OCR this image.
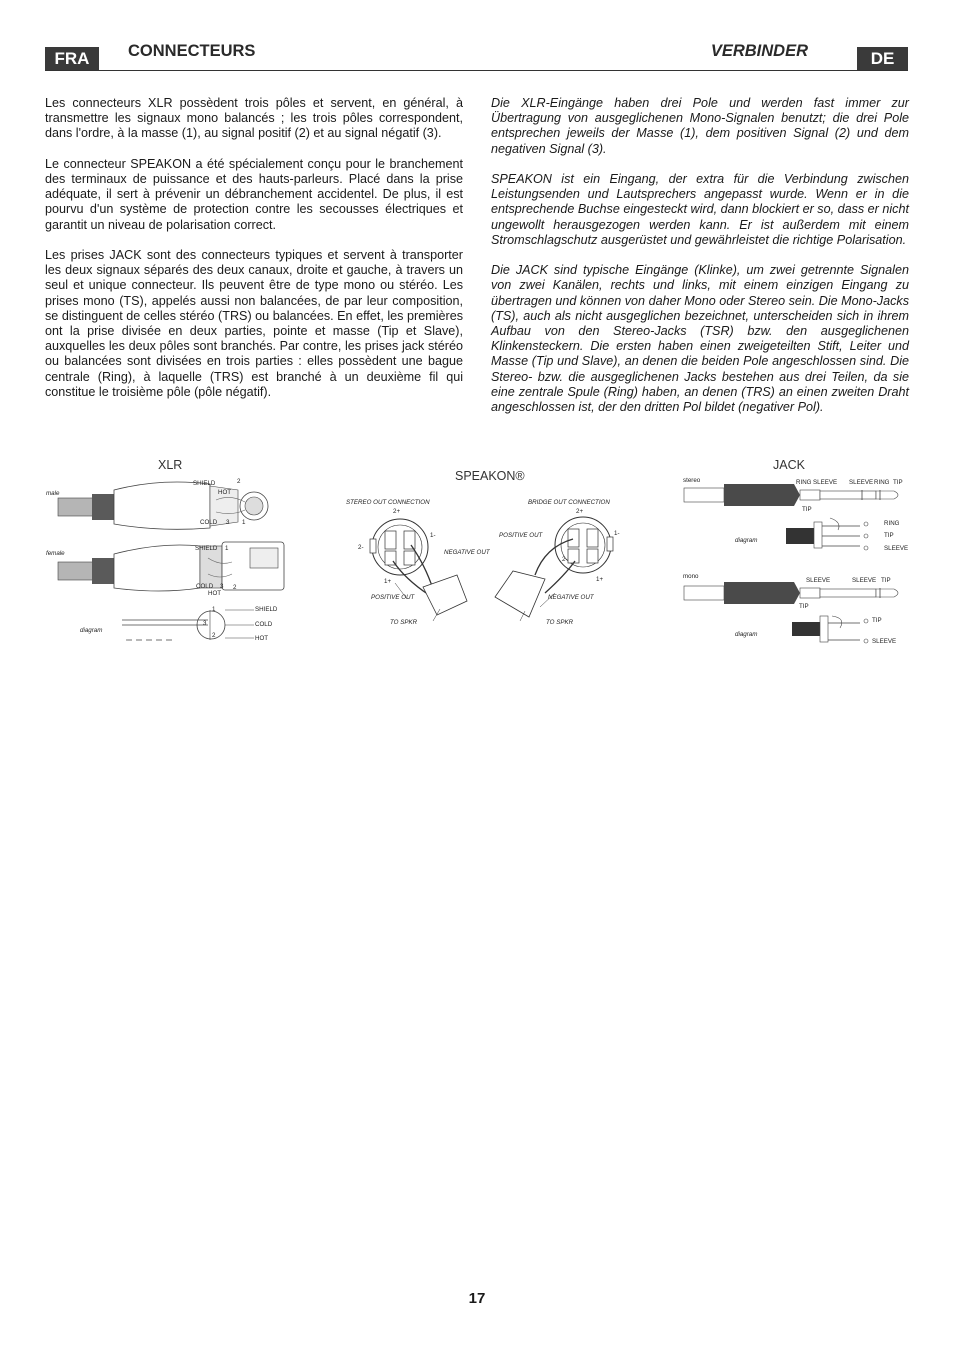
FRA	CONNECTEURS	VERBINDER	DE

Les connecteurs XLR possèdent trois pôles et servent, en général, à transmettre les signaux mono balancés ; les trois pôles correspondent, dans l'ordre, à la masse (1), au signal positif (2) et au signal négatif (3).

Le connecteur SPEAKON a été spécialement conçu pour le branchement des terminaux de puissance et des hauts-parleurs. Placé dans la prise adéquate, il sert à prévenir un débranchement accidentel. De plus, il est pourvu d'un système de protection contre les secousses électriques et garantit un niveau de polarisation correct.

Les prises JACK sont des connecteurs typiques et servent à transporter les deux signaux séparés des deux canaux, droite et gauche, à travers un seul et unique connecteur. Ils peuvent être de type mono ou stéréo. Les prises mono (TS), appelés aussi non balancées, de par leur composition, se distinguent de celles stéréo (TRS) ou balancées. En effet, les premières ont la prise divisée en deux parties, pointe et masse (Tip et Slave), auxquelles les deux pôles sont branchés. Par contre, les prises jack stéréo ou balancées sont divisées en trois parties : elles possèdent une bague centrale (Ring), à laquelle (TRS) est branché à un deuxième fil qui constitue le troisième pôle (pôle négatif).

Die XLR-Eingänge haben drei Pole und werden fast immer zur Übertragung von ausgeglichenen Mono-Signalen benutzt; die drei Pole entsprechen jeweils der Masse (1), dem positiven Signal (2) und dem negativen Signal (3).

SPEAKON ist ein Eingang, der extra für die Verbindung zwischen Leistungsenden und Lautsprechers angepasst wurde. Wenn er in die entsprechende Buchse eingesteckt wird, dann blockiert er so, dass er nicht ungewollt herausgezogen werden kann. Er ist außerdem mit einem Stromschlagschutz ausgerüstet und gewährleistet die richtige Polarisation.

Die JACK sind typische Eingänge (Klinke), um zwei getrennte Signalen von zwei Kanälen, rechts und links, mit einem einzigen Eingang zu übertragen und können von daher Mono oder Stereo sein. Die Mono-Jacks (TS), auch als nicht ausgeglichen bezeichnet, unterscheiden sich in ihrem Aufbau von den Stereo-Jacks (TSR) bzw. den ausgeglichenen Klinkensteckern. Die ersten haben einen zweigeteilten Stift, Leiter und Masse (Tip und Slave), an denen die beiden Pole angeschlossen sind. Die Stereo- bzw. die ausgeglichenen Jacks bestehen aus drei Teilen, da sie eine zentrale Spule (Ring) haben, an denen (TRS) an einen zweiten Draht angeschlossen ist, der den dritten Pol bildet (negativer Pol).

XLR
SPEAKON®
JACK
male
SHIELD
HOT
2
COLD 3 1
female
SHIELD 1
COLD 3 2
HOT
diagram
1
3
2
SHIELD
COLD
HOT
STEREO OUT CONNECTION	BRIDGE OUT CONNECTION
2+
2-
1-
1+
NEGATIVE OUT
POSITIVE OUT
TO SPKR
2+
1-
2-
1+
POSITIVE OUT
NEGATIVE OUT
TO SPKR
stereo	RING SLEEVE SLEEVE RING TIP
TIP
diagram
RING
TIP
SLEEVE
mono
SLEEVE	SLEEVE TIP
TIP
diagram
TIP
SLEEVE
17
